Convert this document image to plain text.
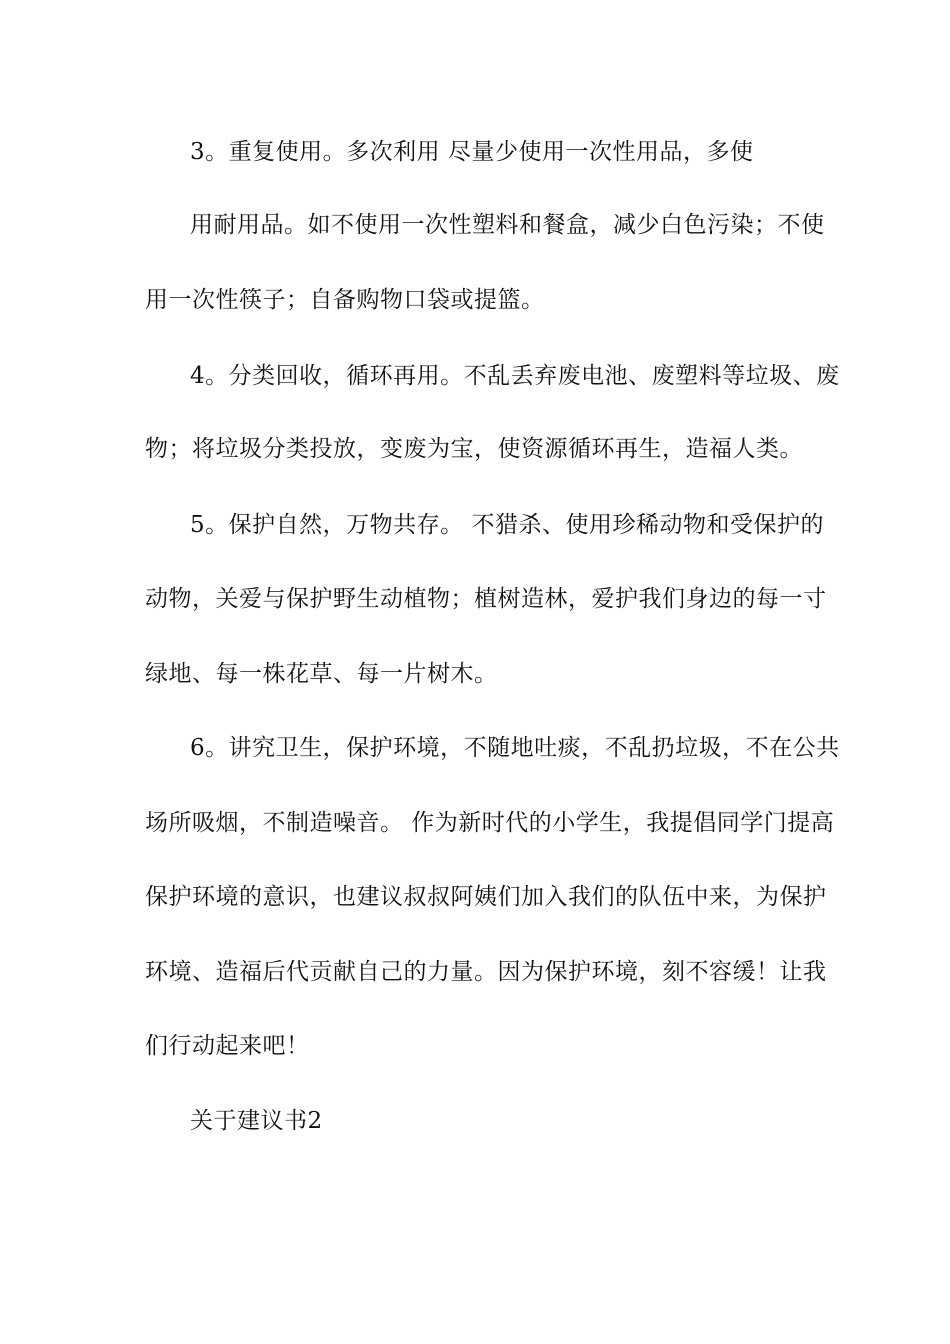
3。重复使用。多次利用 尽量少使用一次性用品，多使
用耐用品。如不使用一次性塑料和餐盒，减少白色污染；不使
用一次性筷子；自备购物口袋或提篮。
4。分类回收，循环再用。不乱丢弃废电池、废塑料等垃圾、废
物；将垃圾分类投放，变废为宝，使资源循环再生，造福人类。
5。保护自然，万物共存。 不猎杀、使用珍稀动物和受保护的
动物，关爱与保护野生动植物；植树造林，爱护我们身边的每一寸
绿地、每一株花草、每一片树木。
6。讲究卫生，保护环境，不随地吐痰，不乱扔垃圾，不在公共
场所吸烟，不制造噪音。 作为新时代的小学生，我提倡同学门提高
保护环境的意识，也建议叔叔阿姨们加入我们的队伍中来，为保护
环境、造福后代贡献自己的力量。因为保护环境，刻不容缓！让我
们行动起来吧！
关于建议书2
